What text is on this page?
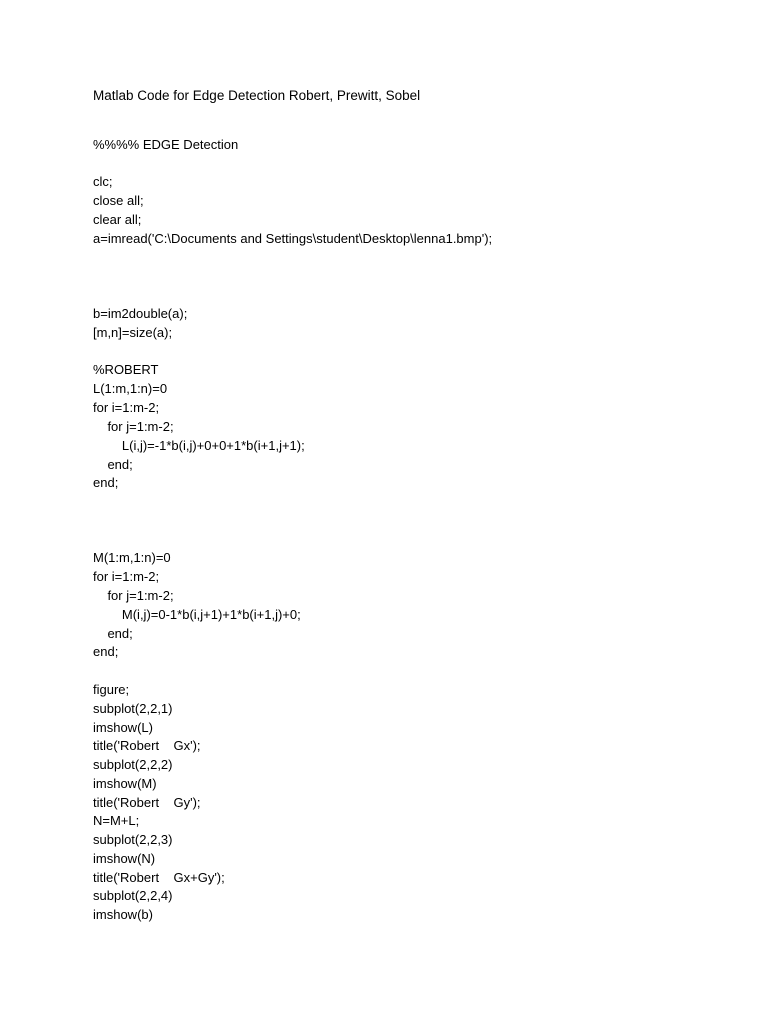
Matlab Code for Edge Detection Robert, Prewitt, Sobel
%%%% EDGE Detection
clc;
close all;
clear all;
a=imread('C:\Documents and Settings\student\Desktop\lenna1.bmp');
b=im2double(a);
[m,n]=size(a);
%ROBERT
L(1:m,1:n)=0
for i=1:m-2;
for j=1:m-2;
L(i,j)=-1*b(i,j)+0+0+1*b(i+1,j+1);
end;
end;
M(1:m,1:n)=0
for i=1:m-2;
for j=1:m-2;
M(i,j)=0-1*b(i,j+1)+1*b(i+1,j)+0;
end;
end;
figure;
subplot(2,2,1)
imshow(L)
title('Robert    Gx');
subplot(2,2,2)
imshow(M)
title('Robert    Gy');
N=M+L;
subplot(2,2,3)
imshow(N)
title('Robert    Gx+Gy');
subplot(2,2,4)
imshow(b)
